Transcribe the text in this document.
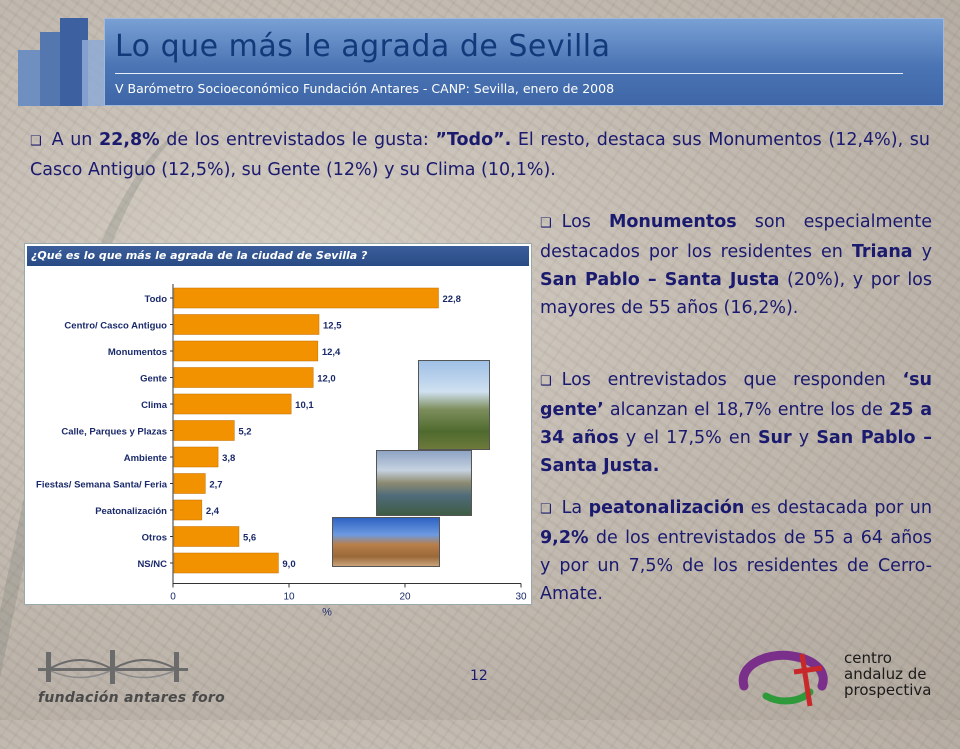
Lo que más le agrada de Sevilla
V Barómetro Socioeconómico Fundación Antares - CANP: Sevilla, enero de 2008
❑ A un 22,8% de los entrevistados le gusta: ”Todo”. El resto, destaca sus Monumentos (12,4%), su Casco Antiguo (12,5%), su Gente (12%) y su Clima (10,1%).
❑ Los Monumentos son especialmente destacados por los residentes en Triana y San Pablo – Santa Justa (20%), y por los mayores de 55 años (16,2%).
❑ Los entrevistados que responden ‘su gente’ alcanzan el 18,7% entre los de 25 a 34 años y el 17,5% en Sur y San Pablo – Santa Justa.
❑ La peatonalización es destacada por un 9,2% de los entrevistados de 55 a 64 años y por un 7,5% de los residentes de Cerro-Amate.
Todo	22,8
Centro/ Casco Antiguo	12,5
Monumentos	12,4
Gente	12,0
Clima	10,1
Calle, Parques y Plazas	5,2
Ambiente	3,8
Fiestas/ Semana Santa/ Feria	2,7
Peatonalización	2,4
Otros	5,6
NS/NC	9,0
0	10	20	30
%
¿Qué es lo que más le agrada de la ciudad de Sevilla ?
12
fundación antares foro
centro
andaluz de
prospectiva
